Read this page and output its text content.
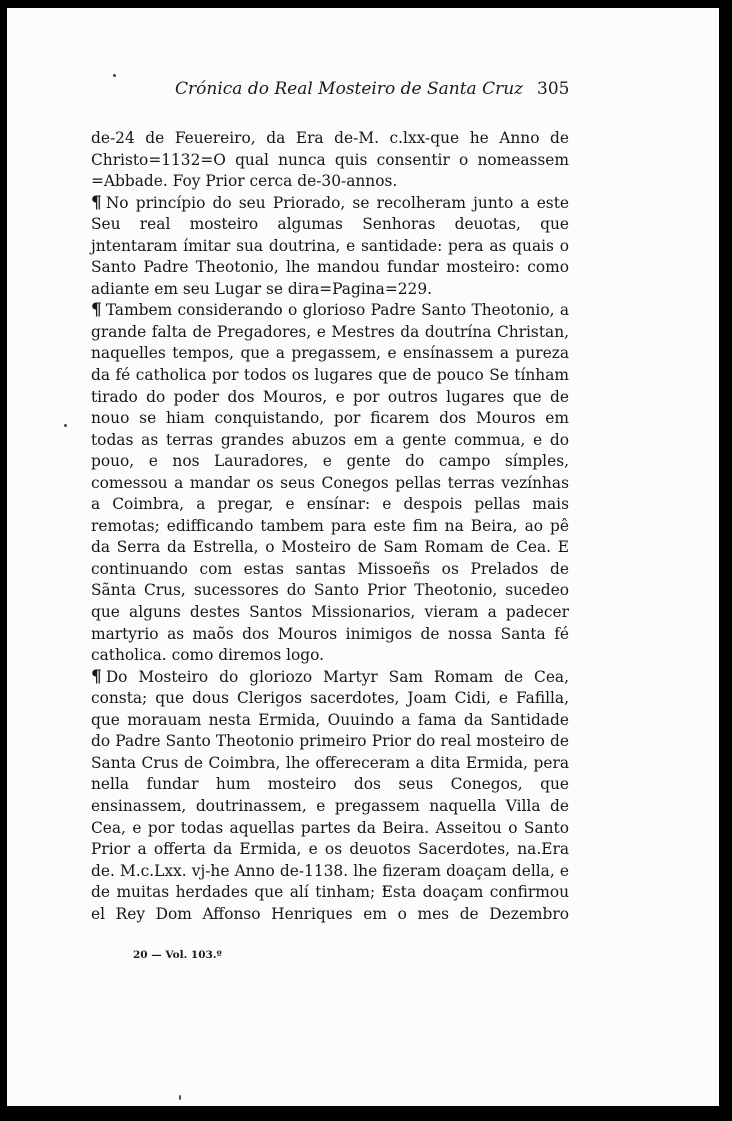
Crónica do Real Mosteiro de Santa Cruz 305

de-24 de Feuereiro, da Era de-M. c.lxx-que he Anno de Christo=1132=O qual nunca quis consentir o nomeassem =Abbade. Foy Prior cerca de-30-annos.

¶ No princípio do seu Priorado, se recolheram junto a este Seu real mosteiro algumas Senhoras deuotas, que jntentaram ímitar sua doutrina, e santidade: pera as quais o Santo Padre Theotonio, lhe mandou fundar mosteiro: como adiante em seu Lugar se dira=Pagina=229.

¶ Tambem considerando o glorioso Padre Santo Theotonio, a grande falta de Pregadores, e Mestres da doutrína Christan, naquelles tempos, que a pregassem, e ensínassem a pureza da fé catholica por todos os lugares que de pouco Se tínham tirado do poder dos Mouros, e por outros lugares que de nouo se hiam conquistando, por ficarem dos Mouros em todas as terras grandes abuzos em a gente commua, e do pouo, e nos Lauradores, e gente do campo símples, comessou a mandar os seus Conegos pellas terras vezínhas a Coimbra, a pregar, e ensínar: e despois pellas mais remotas; edifficando tambem para este fim na Beira, ao pê da Serra da Estrella, o Mosteiro de Sam Romam de Cea. E continuando com estas santas Missoeñs os Prelados de Sãnta Crus, sucessores do Santo Prior Theotonio, sucedeo que alguns destes Santos Missionarios, vieram a padecer martyrio as maõs dos Mouros inimigos de nossa Santa fé catholica. como diremos logo.

¶ Do Mosteiro do gloriozo Martyr Sam Romam de Cea, consta; que dous Clerigos sacerdotes, Joam Cidi, e Fafilla, que morauam nesta Ermida, Ouuindo a fama da Santidade do Padre Santo Theotonio primeiro Prior do real mosteiro de Santa Crus de Coimbra, lhe offereceram a dita Ermida, pera nella fundar hum mosteiro dos seus Conegos, que ensinassem, doutrinassem, e pregassem naquella Villa de Cea, e por todas aquellas partes da Beira. Asseitou o Santo Prior a offerta da Ermida, e os deuotos Sacerdotes, na.Era de. M.c.Lxx. vj-he Anno de-1138. lhe fizeram doaçam della, e de muitas herdades que alí tinham; Esta doaçam confirmou el Rey Dom Affonso Henriques em o mes de Dezembro

20 — Vol. 103.º
